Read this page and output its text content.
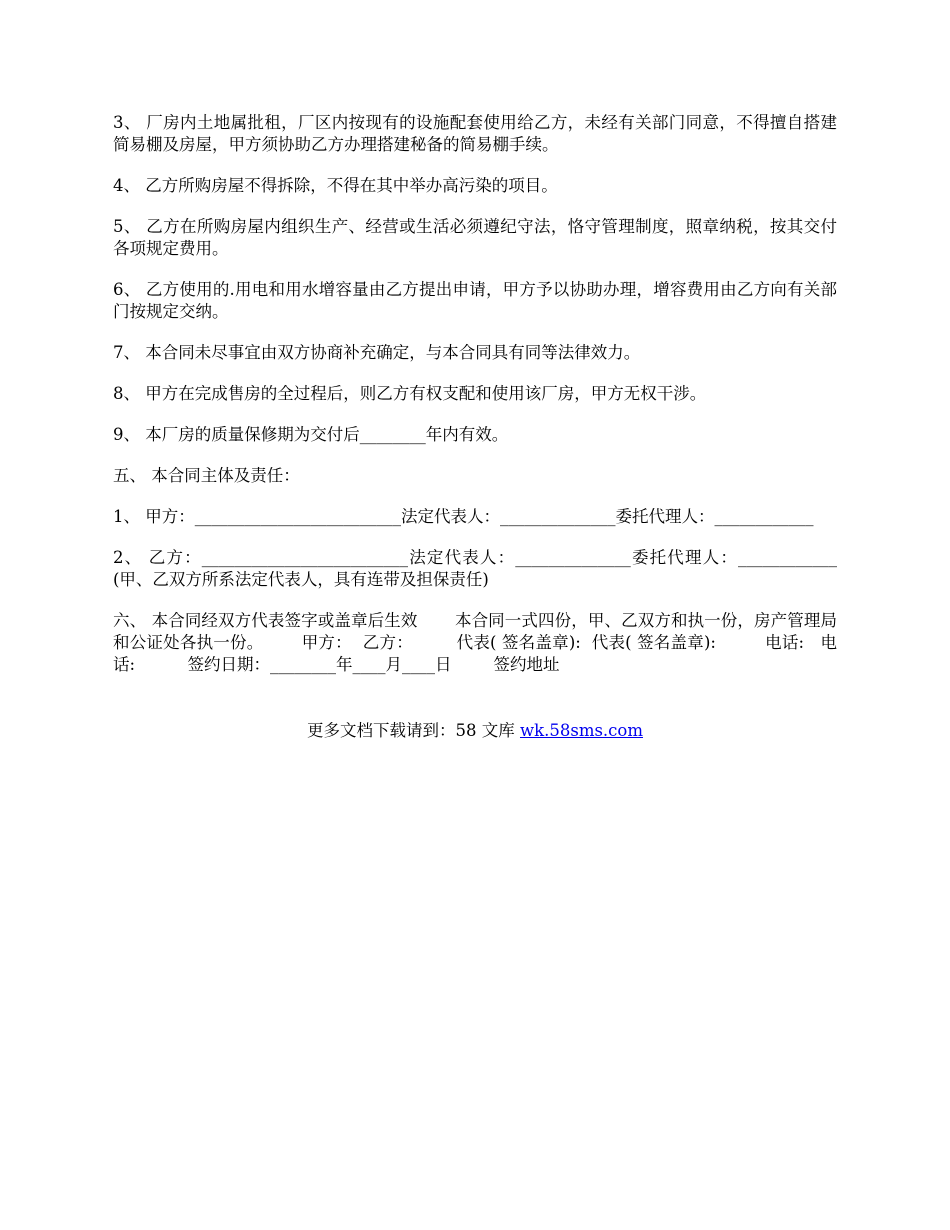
3、 厂房内土地属批租，厂区内按现有的设施配套使用给乙方，未经有关部门同意，不得擅自搭建简易棚及房屋，甲方须协助乙方办理搭建秘备的简易棚手续。

4、 乙方所购房屋不得拆除，不得在其中举办高污染的项目。

5、 乙方在所购房屋内组织生产、经营或生活必须遵纪守法，恪守管理制度，照章纳税，按其交付各项规定费用。

6、 乙方使用的.用电和用水增容量由乙方提出申请，甲方予以协助办理，增容费用由乙方向有关部门按规定交纳。

7、 本合同未尽事宜由双方协商补充确定，与本合同具有同等法律效力。

8、 甲方在完成售房的全过程后，则乙方有权支配和使用该厂房，甲方无权干涉。

9、 本厂房的质量保修期为交付后________年内有效。

五、 本合同主体及责任：

1、 甲方：_________________________法定代表人：______________委托代理人：____________

2、 乙方：_________________________法定代表人：______________委托代理人：____________      (甲、乙双方所系法定代表人，具有连带及担保责任)

六、 本合同经双方代表签字或盖章后生效       本合同一式四份，甲、乙双方和执一份，房产管理局和公证处各执一份。       甲方：  乙方：        代表( 签名盖章):  代表( 签名盖章):         电话:   电话:          签约日期：________年____月____日        签约地址

更多文档下载请到：58 文库 wk.58sms.com
